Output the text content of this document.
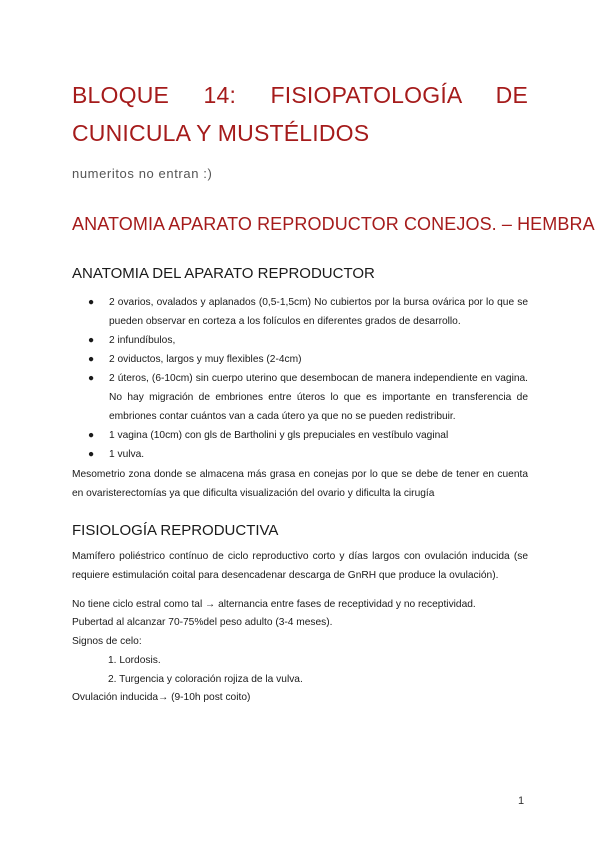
BLOQUE 14: FISIOPATOLOGÍA DE CUNICULA Y MUSTÉLIDOS
numeritos no entran :)
ANATOMIA APARATO REPRODUCTOR CONEJOS. – HEMBRA
ANATOMIA DEL APARATO REPRODUCTOR
● 2 ovarios, ovalados y aplanados (0,5-1,5cm) No cubiertos por la bursa ovárica por lo que se pueden observar en corteza a los folículos en diferentes grados de desarrollo.
● 2 infundíbulos,
● 2 oviductos, largos y muy flexibles (2-4cm)
● 2 úteros, (6-10cm) sin cuerpo uterino que desembocan de manera independiente en vagina. No hay migración de embriones entre úteros lo que es importante en transferencia de embriones contar cuántos van a cada útero ya que no se pueden redistribuir.
● 1 vagina (10cm) con gls de Bartholini y gls prepuciales en vestíbulo vaginal
● 1 vulva.

Mesometrio zona donde se almacena más grasa en conejas por lo que se debe de tener en cuenta en ovaristerectomías ya que dificulta visualización del ovario y dificulta la cirugía

FISIOLOGÍA REPRODUCTIVA

Mamífero poliéstrico contínuo de ciclo reproductivo corto y días largos con ovulación inducida (se requiere estimulación coital para desencadenar descarga de GnRH que produce la ovulación).

No tiene ciclo estral como tal → alternancia entre fases de receptividad y no receptividad.
Pubertad al alcanzar 70-75%del peso adulto (3-4 meses).
Signos de celo:
1. Lordosis.
2. Turgencia y coloración rojiza de la vulva.
Ovulación inducida→ (9-10h post coito)
1
